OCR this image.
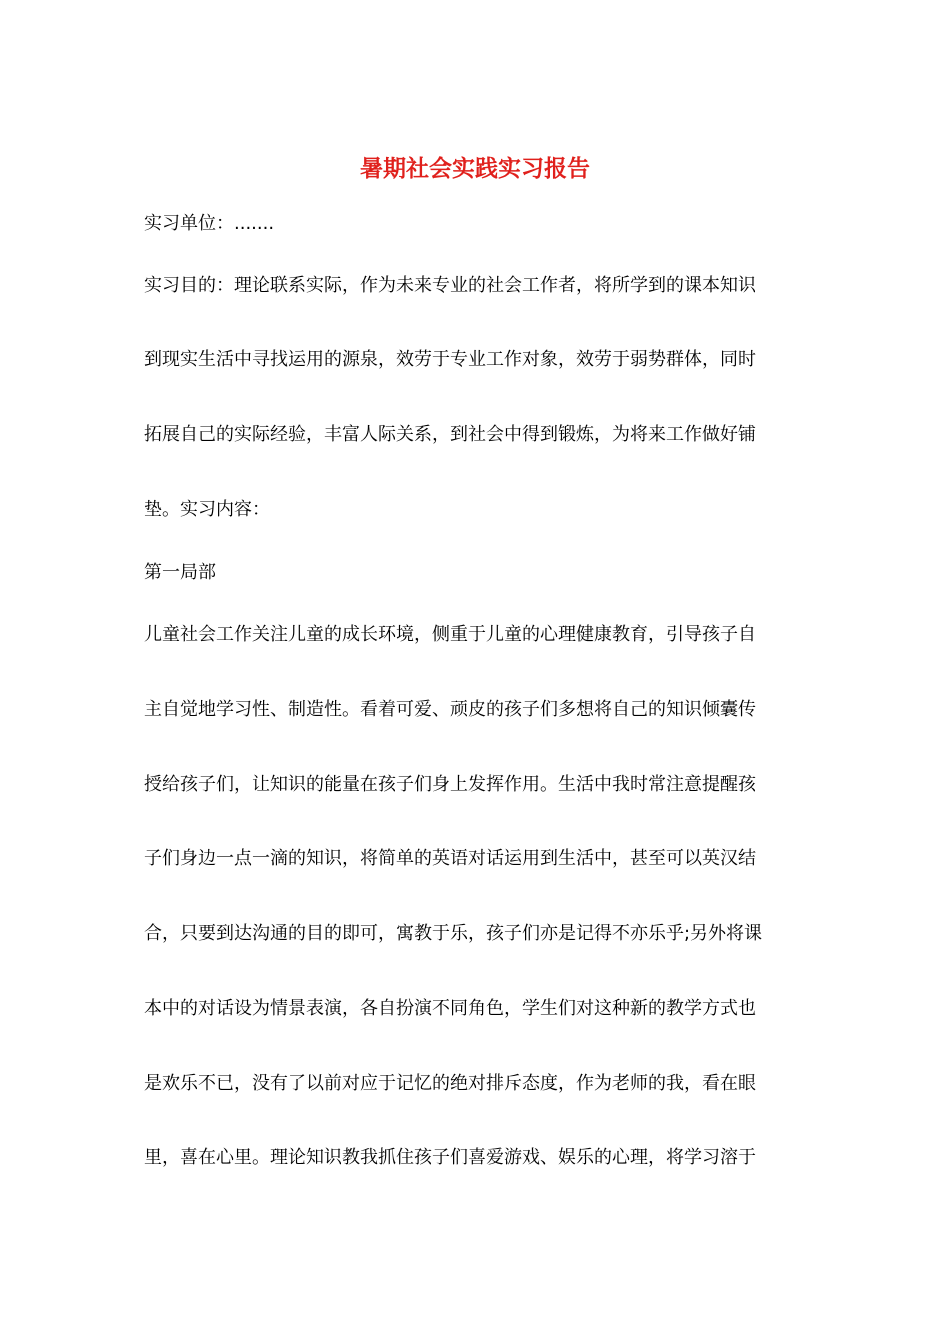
暑期社会实践实习报告

实习单位：.......

实习目的：理论联系实际，作为未来专业的社会工作者，将所学到的课本知识

到现实生活中寻找运用的源泉，效劳于专业工作对象，效劳于弱势群体，同时

拓展自己的实际经验，丰富人际关系，到社会中得到锻炼，为将来工作做好铺

垫。实习内容：

第一局部

儿童社会工作关注儿童的成长环境，侧重于儿童的心理健康教育，引导孩子自

主自觉地学习性、制造性。看着可爱、顽皮的孩子们多想将自己的知识倾囊传

授给孩子们，让知识的能量在孩子们身上发挥作用。生活中我时常注意提醒孩

子们身边一点一滴的知识，将简单的英语对话运用到生活中，甚至可以英汉结

合，只要到达沟通的目的即可，寓教于乐，孩子们亦是记得不亦乐乎;另外将课

本中的对话设为情景表演，各自扮演不同角色，学生们对这种新的教学方式也

是欢乐不已，没有了以前对应于记忆的绝对排斥态度，作为老师的我，看在眼

里，喜在心里。理论知识教我抓住孩子们喜爱游戏、娱乐的心理，将学习溶于
